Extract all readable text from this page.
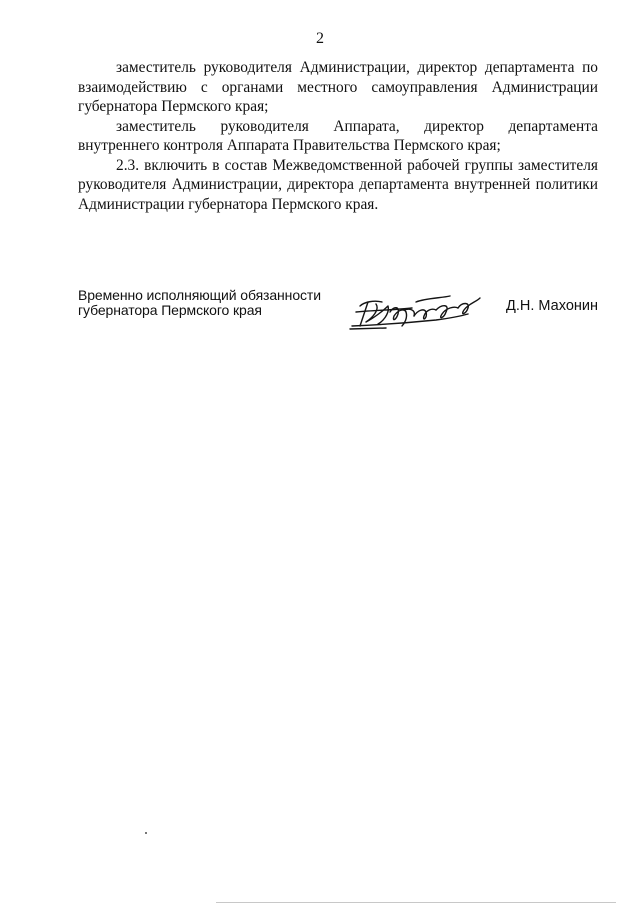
2

заместитель руководителя Администрации, директор департамента по взаимодействию с органами местного самоуправления Администрации губернатора Пермского края;

заместитель руководителя Аппарата, директор департамента внутреннего контроля Аппарата Правительства Пермского края;

2.3. включить в состав Межведомственной рабочей группы заместителя руководителя Администрации, директора департамента внутренней политики Администрации губернатора Пермского края.

Временно исполняющий обязанности
губернатора Пермского края	Д.Н. Махонин
